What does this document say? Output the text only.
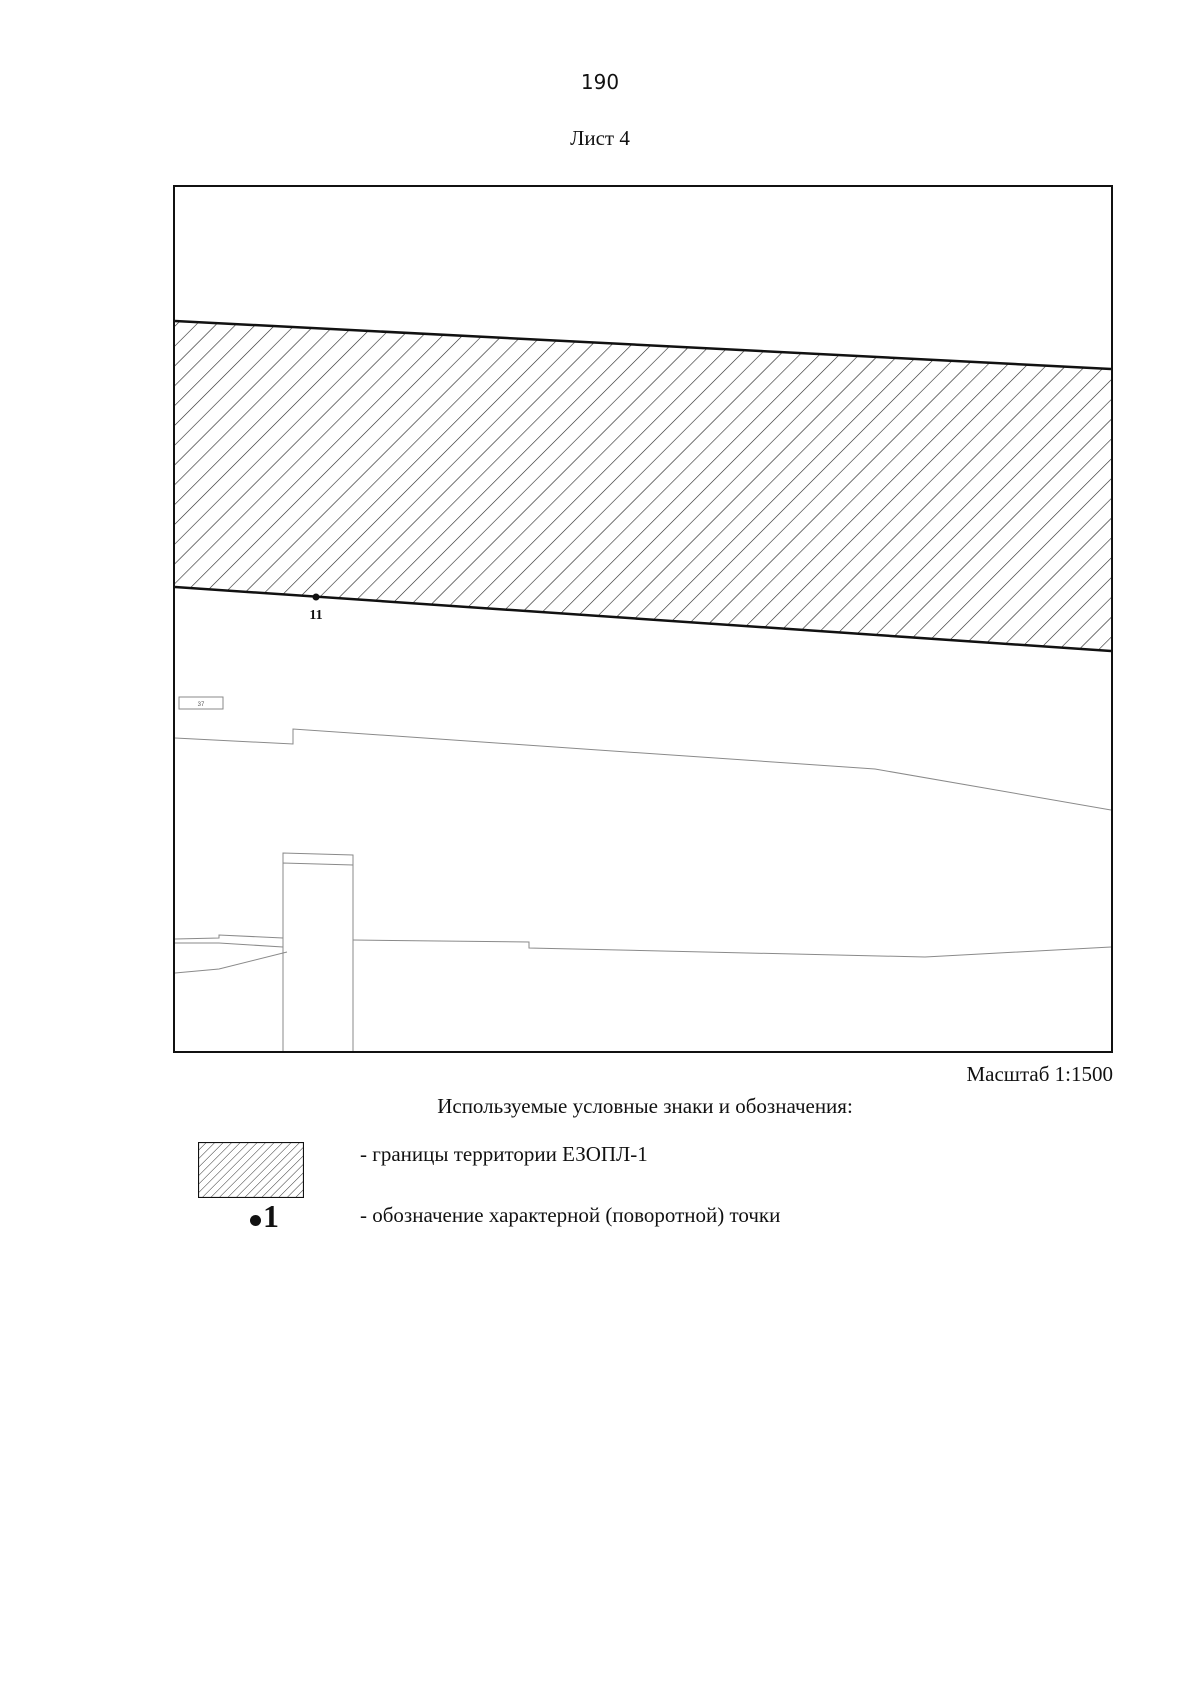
190
Лист 4
11
37
Масштаб 1:1500
Используемые условные знаки и обозначения:
1
- границы территории ЕЗОПЛ-1
- обозначение характерной (поворотной) точки
